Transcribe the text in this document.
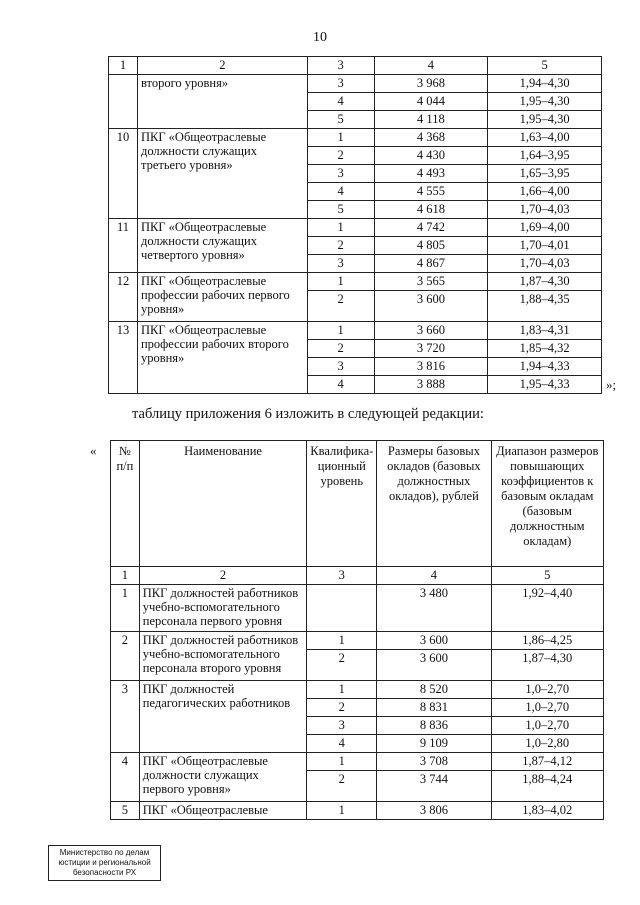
10
1	2	3	4	5
	второго уровня»	3	3 968	1,94–4,30
		4	4 044	1,95–4,30
		5	4 118	1,95–4,30
10	ПКГ «Общеотраслевые должности служащих третьего уровня»	1	4 368	1,63–4,00
		2	4 430	1,64–3,95
		3	4 493	1,65–3,95
		4	4 555	1,66–4,00
		5	4 618	1,70–4,03
11	ПКГ «Общеотраслевые должности служащих четвертого уровня»	1	4 742	1,69–4,00
		2	4 805	1,70–4,01
		3	4 867	1,70–4,03
12	ПКГ «Общеотраслевые профессии рабочих первого уровня»	1	3 565	1,87–4,30
		2	3 600	1,88–4,35
13	ПКГ «Общеотраслевые профессии рабочих второго уровня»	1	3 660	1,83–4,31
		2	3 720	1,85–4,32
		3	3 816	1,94–4,33
		4	3 888	1,95–4,33	»;
таблицу приложения 6 изложить в следующей редакции:
« № п/п	Наименование	Квалифика-ционный уровень	Размеры базовых окладов (базовых должностных окладов), рублей	Диапазон размеров повышающих коэффициентов к базовым окладам (базовым должностным окладам)
1	2	3	4	5
1	ПКГ должностей работников учебно-вспомогательного персонала первого уровня		3 480	1,92–4,40
2	ПКГ должностей работников учебно-вспомогательного персонала второго уровня	1	3 600	1,86–4,25
		2	3 600	1,87–4,30
3	ПКГ должностей педагогических работников	1	8 520	1,0–2,70
		2	8 831	1,0–2,70
		3	8 836	1,0–2,70
		4	9 109	1,0–2,80
4	ПКГ «Общеотраслевые должности служащих первого уровня»	1	3 708	1,87–4,12
		2	3 744	1,88–4,24
5	ПКГ «Общеотраслевые	1	3 806	1,83–4,02
Министерство по делам
юстиции и региональной
безопасности РХ
